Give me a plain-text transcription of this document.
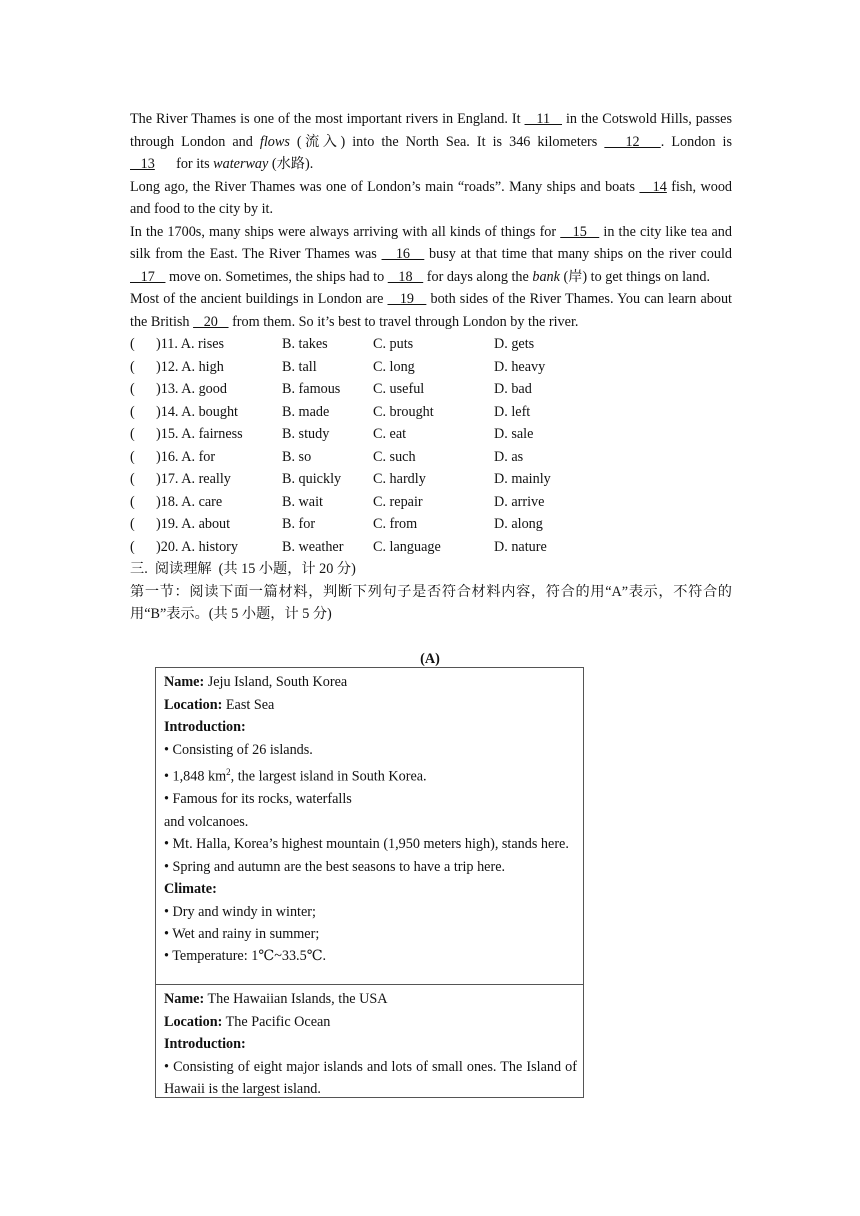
The River Thames is one of the most important rivers in England. It    11    in the Cotswold Hills, passes through London and flows (流入) into the North Sea. It is 346 kilometers    12   . London is    13      for its waterway (水路).

Long ago, the River Thames was one of London’s main “roads”. Many ships and boats    14 fish, wood and food to the city by it.

In the 1700s, many ships were always arriving with all kinds of things for    15    in the city like tea and silk from the East. The River Thames was    16    busy at that time that many ships on the river could    17    move on. Sometimes, the ships had to    18    for days along the bank (岸) to get things on land.

Most of the ancient buildings in London are    19    both sides of the River Thames. You can learn about the British    20    from them. So it’s best to travel through London by the river.

(      )11. A. rises	B. takes	C. puts	D. gets
(      )12. A. high	B. tall	C. long	D. heavy
(      )13. A. good	B. famous	C. useful	D. bad
(      )14. A. bought	B. made	C. brought	D. left
(      )15. A. fairness	B. study	C. eat	D. sale
(      )16. A. for	B. so	C. such	D. as
(      )17. A. really	B. quickly	C. hardly	D. mainly
(      )18. A. care	B. wait	C. repair	D. arrive
(      )19. A. about	B. for	C. from	D. along
(      )20. A. history	B. weather	C. language	D. nature
三.  阅读理解  (共 15 小题，计 20 分)

第一节：阅读下面一篇材料，判断下列句子是否符合材料内容，符合的用“A”表示，不符合的用“B”表示。(共 5 小题，计 5 分)

(A)

Name: Jeju Island, South Korea

Location: East Sea

Introduction:

• Consisting of 26 islands.

• 1,848 $km^2$, the largest island in South Korea.

• Famous for its rocks, waterfalls

and volcanoes.

• Mt. Halla, Korea’s highest mountain (1,950 meters high), stands here.

• Spring and autumn are the best seasons to have a trip here.

Climate:

• Dry and windy in winter;

• Wet and rainy in summer;

• Temperature: 1℃~33.5℃.

Name: The Hawaiian Islands, the USA

Location: The Pacific Ocean

Introduction:

• Consisting of eight major islands and lots of small ones. The Island of Hawaii is the largest island.
